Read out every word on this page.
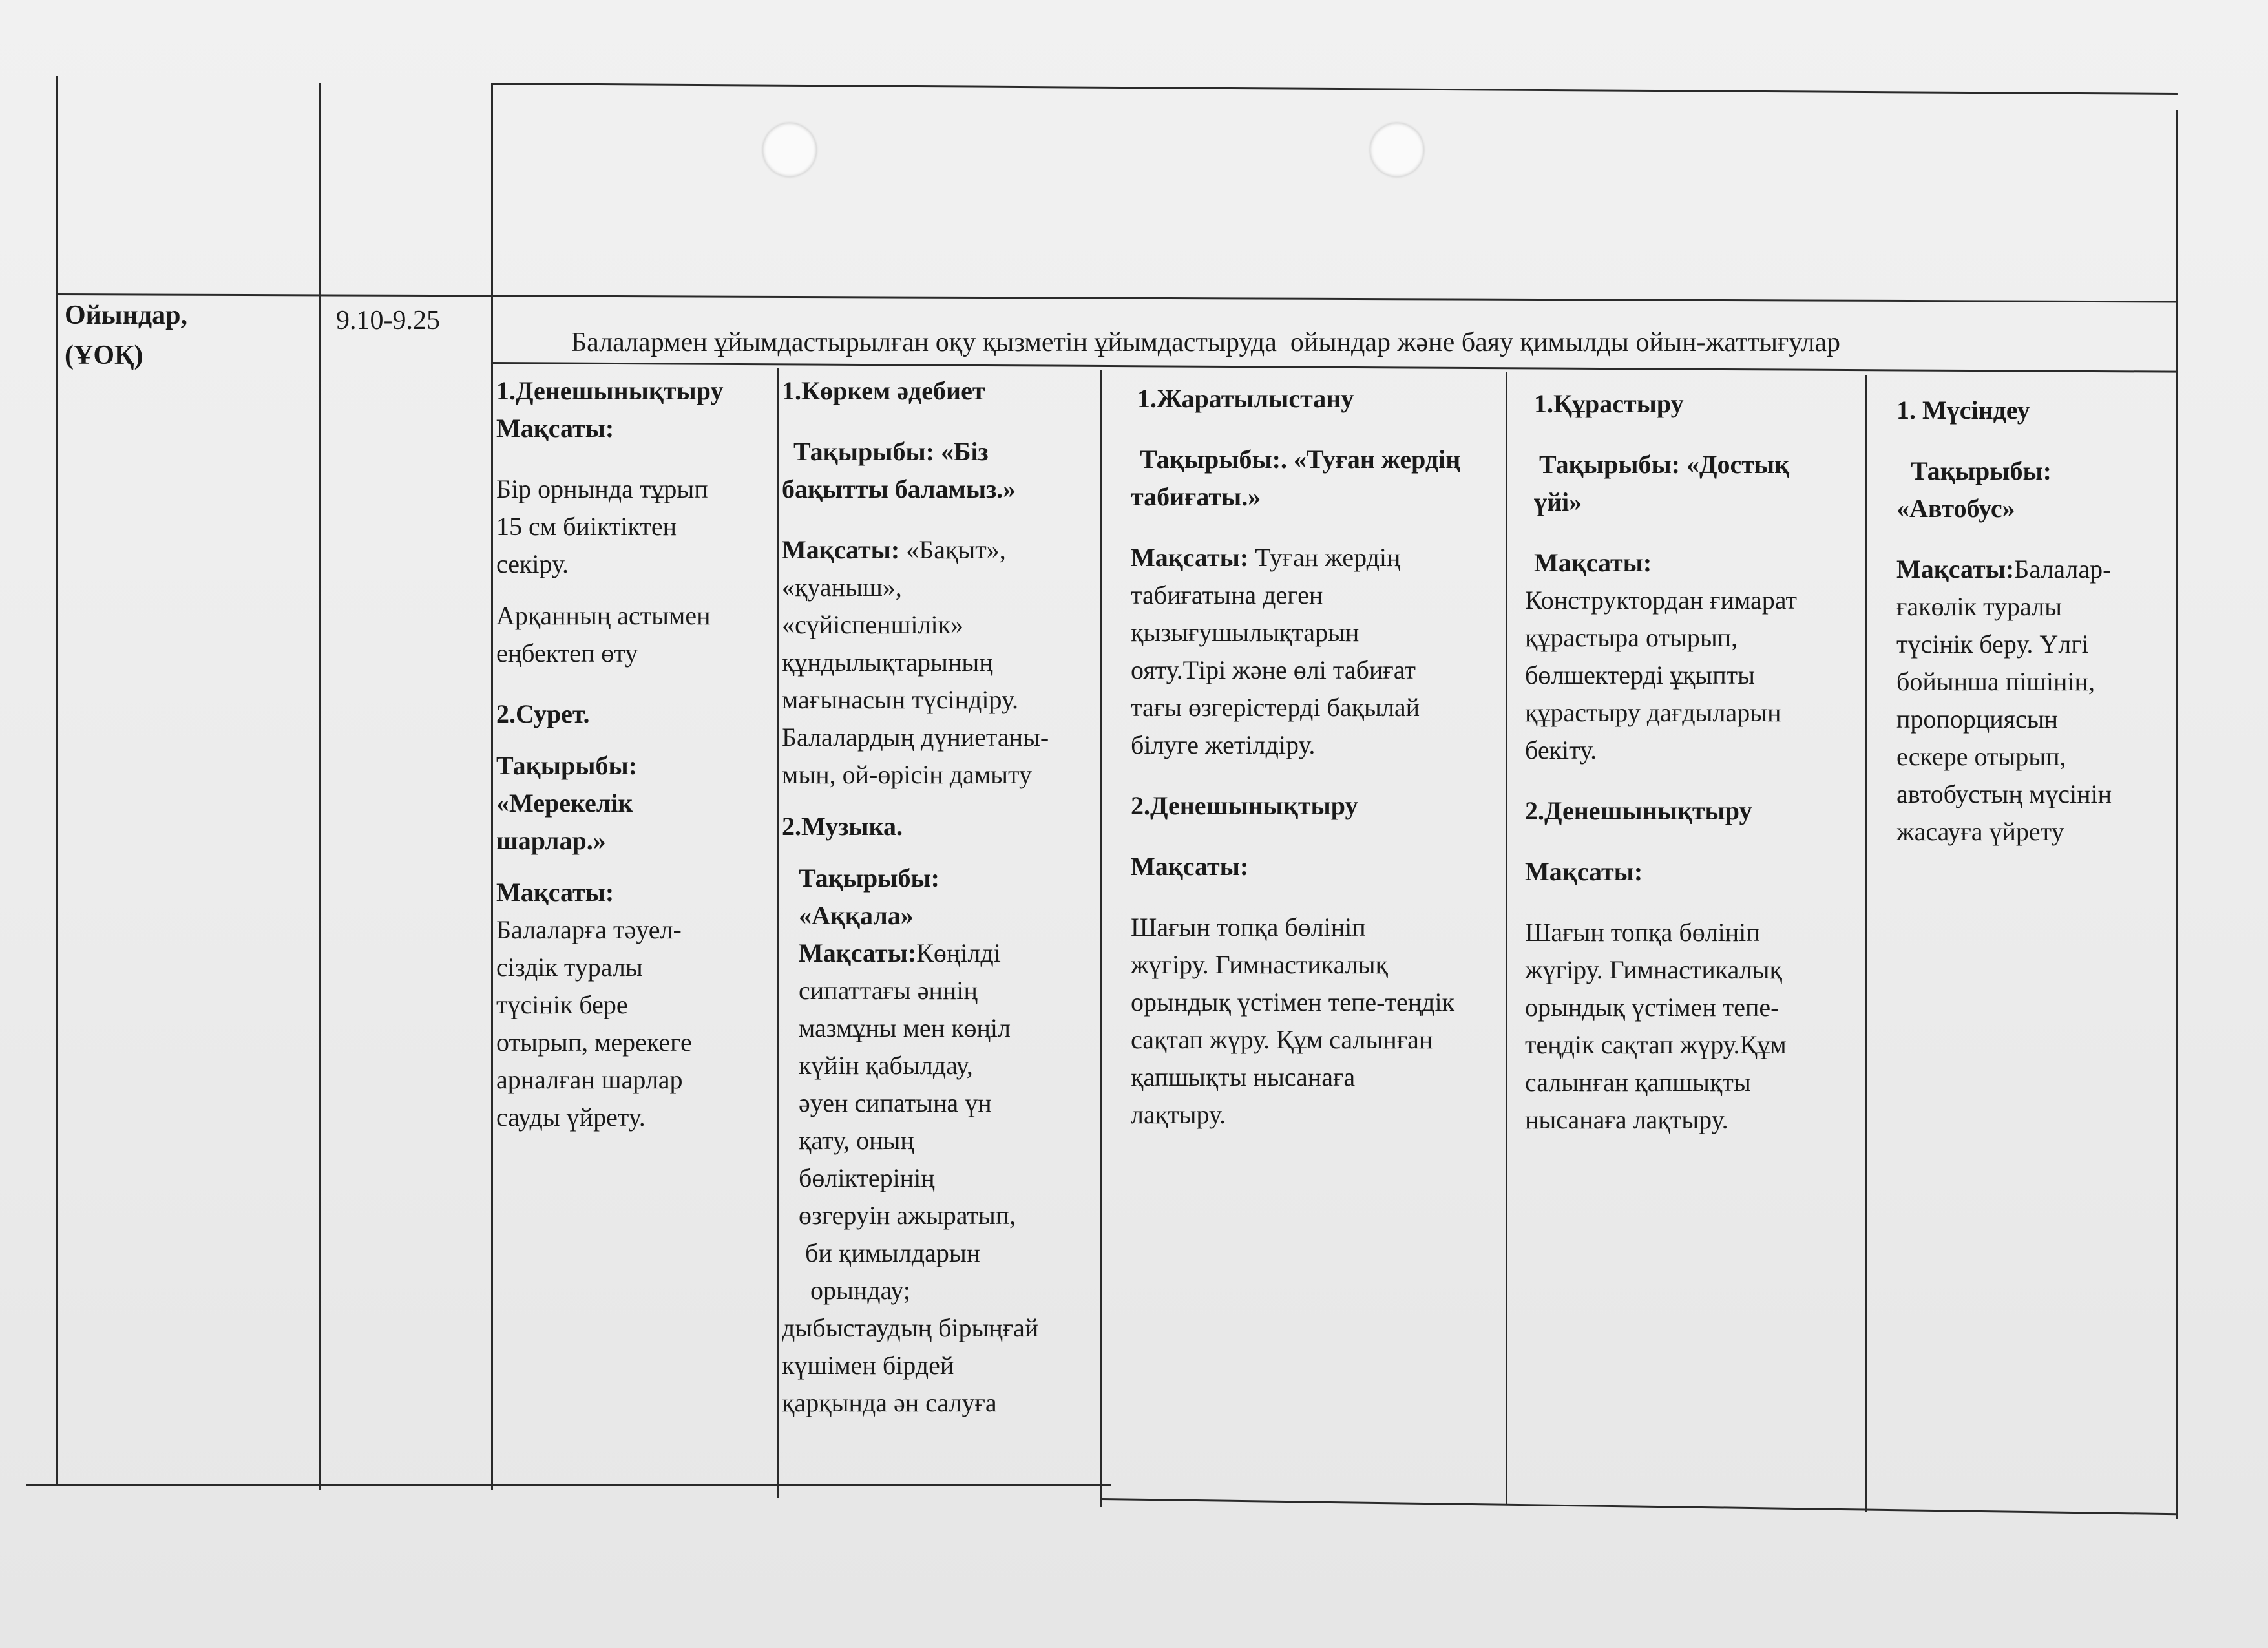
Ойындар,
(ҰОҚ)
9.10-9.25
Балалармен ұйымдастырылған оқу қызметін ұйымдастыруда  ойындар және баяу қимылды ойын-жаттығулар

1.Денешынықтыру

Мақсаты:

Бір орнында тұрып

15 см биіктіктен

секіру.

Арқанның астымен

еңбектеп өту

2.Сурет.

Тақырыбы:

«Мерекелік

шарлар.»

Мақсаты:

Балаларға тәуел-

сіздік туралы

түсінік бере

отырып, мерекеге

арналған шарлар

сауды үйрету.

1.Көркем әдебиет

Тақырыбы: «Біз

бақытты баламыз.»

Мақсаты: «Бақыт»,

«қуаныш»,

«сүйіспеншілік»

құндылықтарының

мағынасын түсіндіру.

Балалардың дүниетаны-

мын, ой-өрісін дамыту

2.Музыка.

Тақырыбы:

«Аққала»

Мақсаты:Көңілді

сипаттағы әннің

мазмұны мен көңіл

күйін қабылдау,

әуен сипатына үн

қату, оның

бөліктерінің

өзгеруін ажыратып,

би қимылдарын

орындау;

дыбыстаудың бірыңғай

күшімен бірдей

қарқында ән салуға

1.Жаратылыстану

Тақырыбы:. «Туған жердің

табиғаты.»

Мақсаты: Туған жердің

табиғатына деген

қызығушылықтарын

ояту.Тірі және өлі табиғат

тағы өзгерістерді бақылай

білуге жетілдіру.

2.Денешынықтыру

Мақсаты:

Шағын топқа бөлініп

жүгіру. Гимнастикалық

орындық үстімен тепе-теңдік

сақтап жүру. Құм салынған

қапшықты нысанаға

лақтыру.

1.Құрастыру

Тақырыбы: «Достық

үйі»

Мақсаты:

Конструктордан ғимарат

құрастыра отырып,

бөлшектерді ұқыпты

құрастыру дағдыларын

бекіту.

2.Денешынықтыру

Мақсаты:

Шағын топқа бөлініп

жүгіру. Гимнастикалық

орындық үстімен тепе-

теңдік сақтап жүру.Құм

салынған қапшықты

нысанаға лақтыру.

1. Мүсіндеу

Тақырыбы:

«Автобус»

Мақсаты:Балалар-

ғакөлік туралы

түсінік беру. Үлгі

бойынша пішінін,

пропорциясын

ескере отырып,

автобустың мүсінін

жасауға үйрету
